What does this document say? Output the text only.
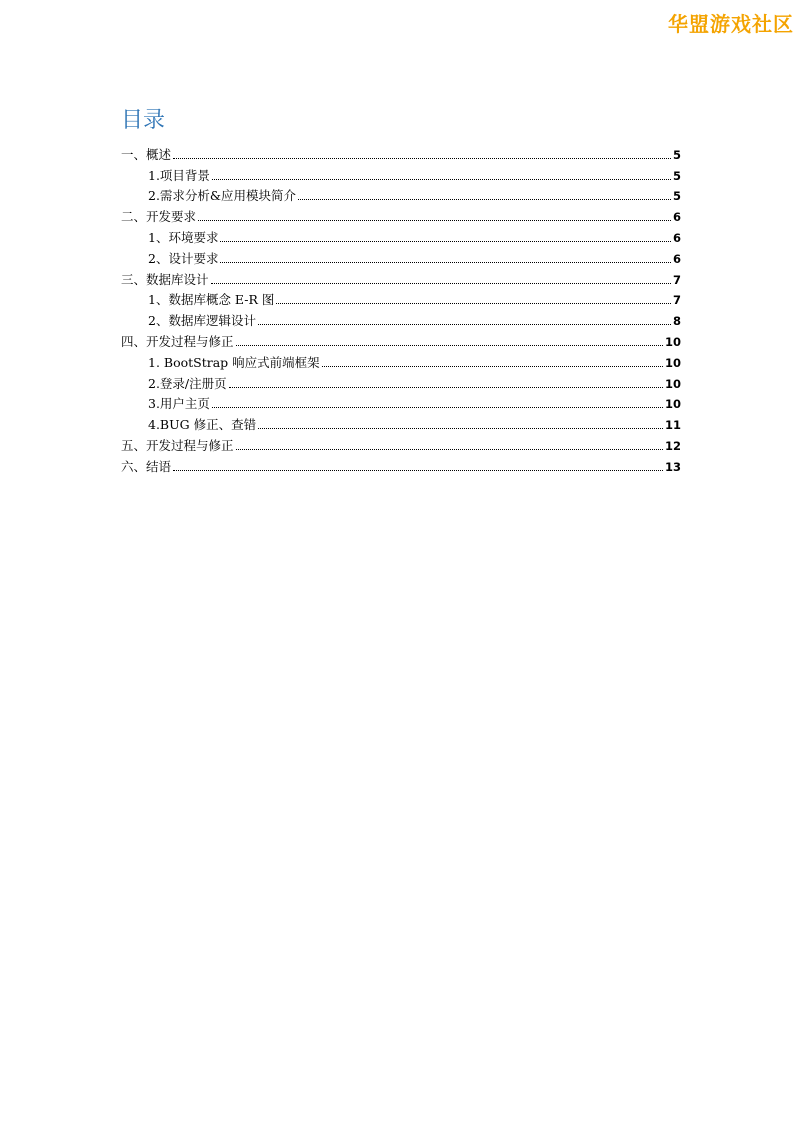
华盟游戏社区
目录
一、概述	5
1.项目背景	5
2.需求分析&应用模块简介	5
二、开发要求	6
1、环境要求	6
2、设计要求	6
三、数据库设计	7
1、数据库概念 E-R 图	7
2、数据库逻辑设计	8
四、开发过程与修正	10
1. BootStrap 响应式前端框架	10
2.登录/注册页	10
3.用户主页	10
4.BUG 修正、查错	11
五、开发过程与修正	12
六、结语	13
